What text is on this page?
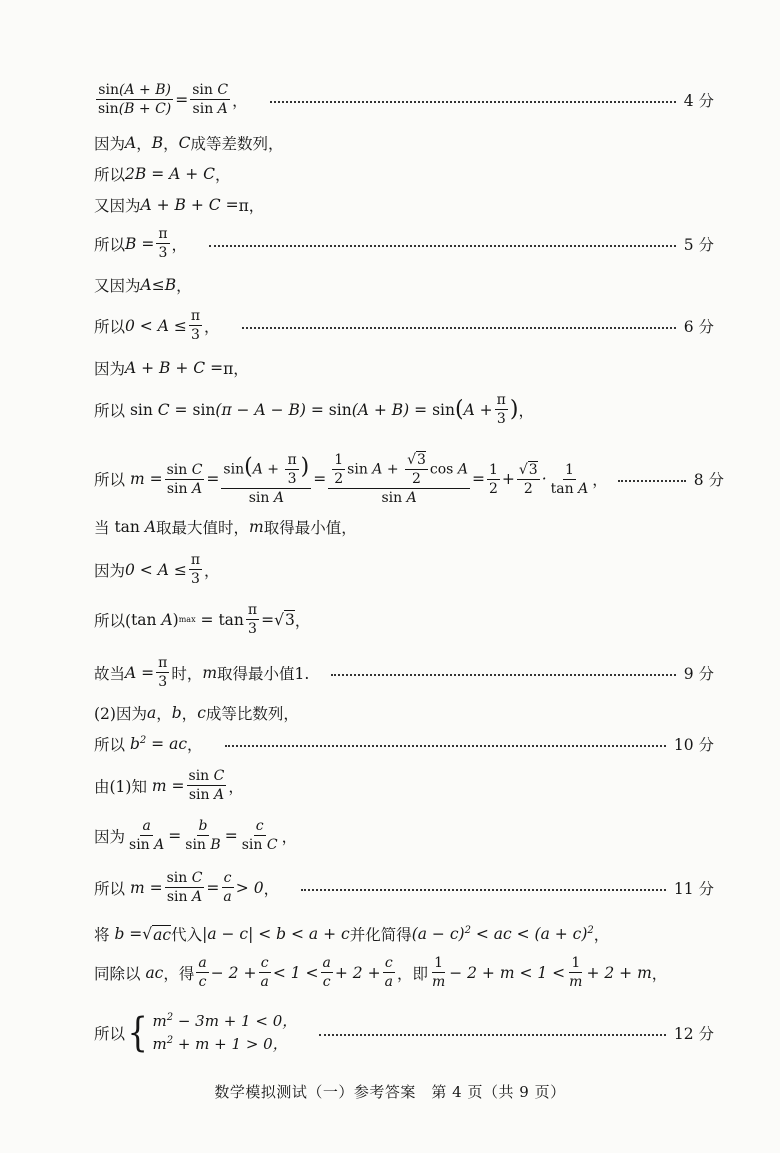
$\frac{\sin(A + B)}{\sin(B + C)} = \frac{\text{sin C}}{\text{sin A}}$ ，	4 分
因为 A ， B ， C 成等差数列，
所以 2B = A + C ，
又因为 A + B + C = π，
所以 $B = \frac{\pi}{3}$ ，	5 分
又因为 A≤B ，
所以 $0 < A \le \frac{\pi}{3}$ ，	6 分
因为 A + B + C = π，
所以 sin C = sin(π − A − B) = sin(A + B) = sin ( $A + \frac{\pi}{3}$ ) ，
所以 $m = \frac{\text{sin C}}{\text{sin A}} = \frac{\sin(A + \frac{\pi}{3} )}{\text{sin A}} = \frac{\frac{1}{2} \sin A + \frac{√3}{2} \cos A}{\text{sin A}} = \frac{1}{2} + \frac{√3}{2} \cdot \frac{1}{\text{tan A}}$ ，	8 分
当 tan A 取最大值时， m 取得最小值，
因为 $0 < A \le \frac{\pi}{3}$ ，
所以( tan A ) $\max = \tan \frac{\pi}{3}$ = √ 3 ，
故当 $A = \frac{\pi}{3}$ 时， m 取得最小值1.	9 分
(2)因为 a ， b ， c 成等比数列，
所以 $b^2$ = ac ，	10 分
由(1)知 $m = \frac{\text{sin C}}{\text{sin A}}$ ，
因为 $\frac{a}{\text{sin A}} = \frac{b}{\text{sin B}} = \frac{c}{\text{sin C}}$ ，
所以 $m = \frac{\text{sin C}}{\text{sin A}} = \frac{c}{a} > 0$ ，	11 分
将 b = √ ac 代入 |a − c| < b < a + c 并化简得 $(a - c)^2$ < ac < $(a + c)^2$ ，
同除以 ac ，得 $\frac{a}{c} - 2 + \frac{c}{a} < 1 < \frac{a}{c} + 2 + \frac{c}{a}$ ，即 $\frac{1}{m} - 2 + m < 1 < \frac{1}{m} + 2 + m$ ，
所以 { $m^2 - 3m + 1 < 0$，
$m^2 + m + 1 > 0$，
12 分
数学模拟测试（一）参考答案　第 4 页（共 9 页）
